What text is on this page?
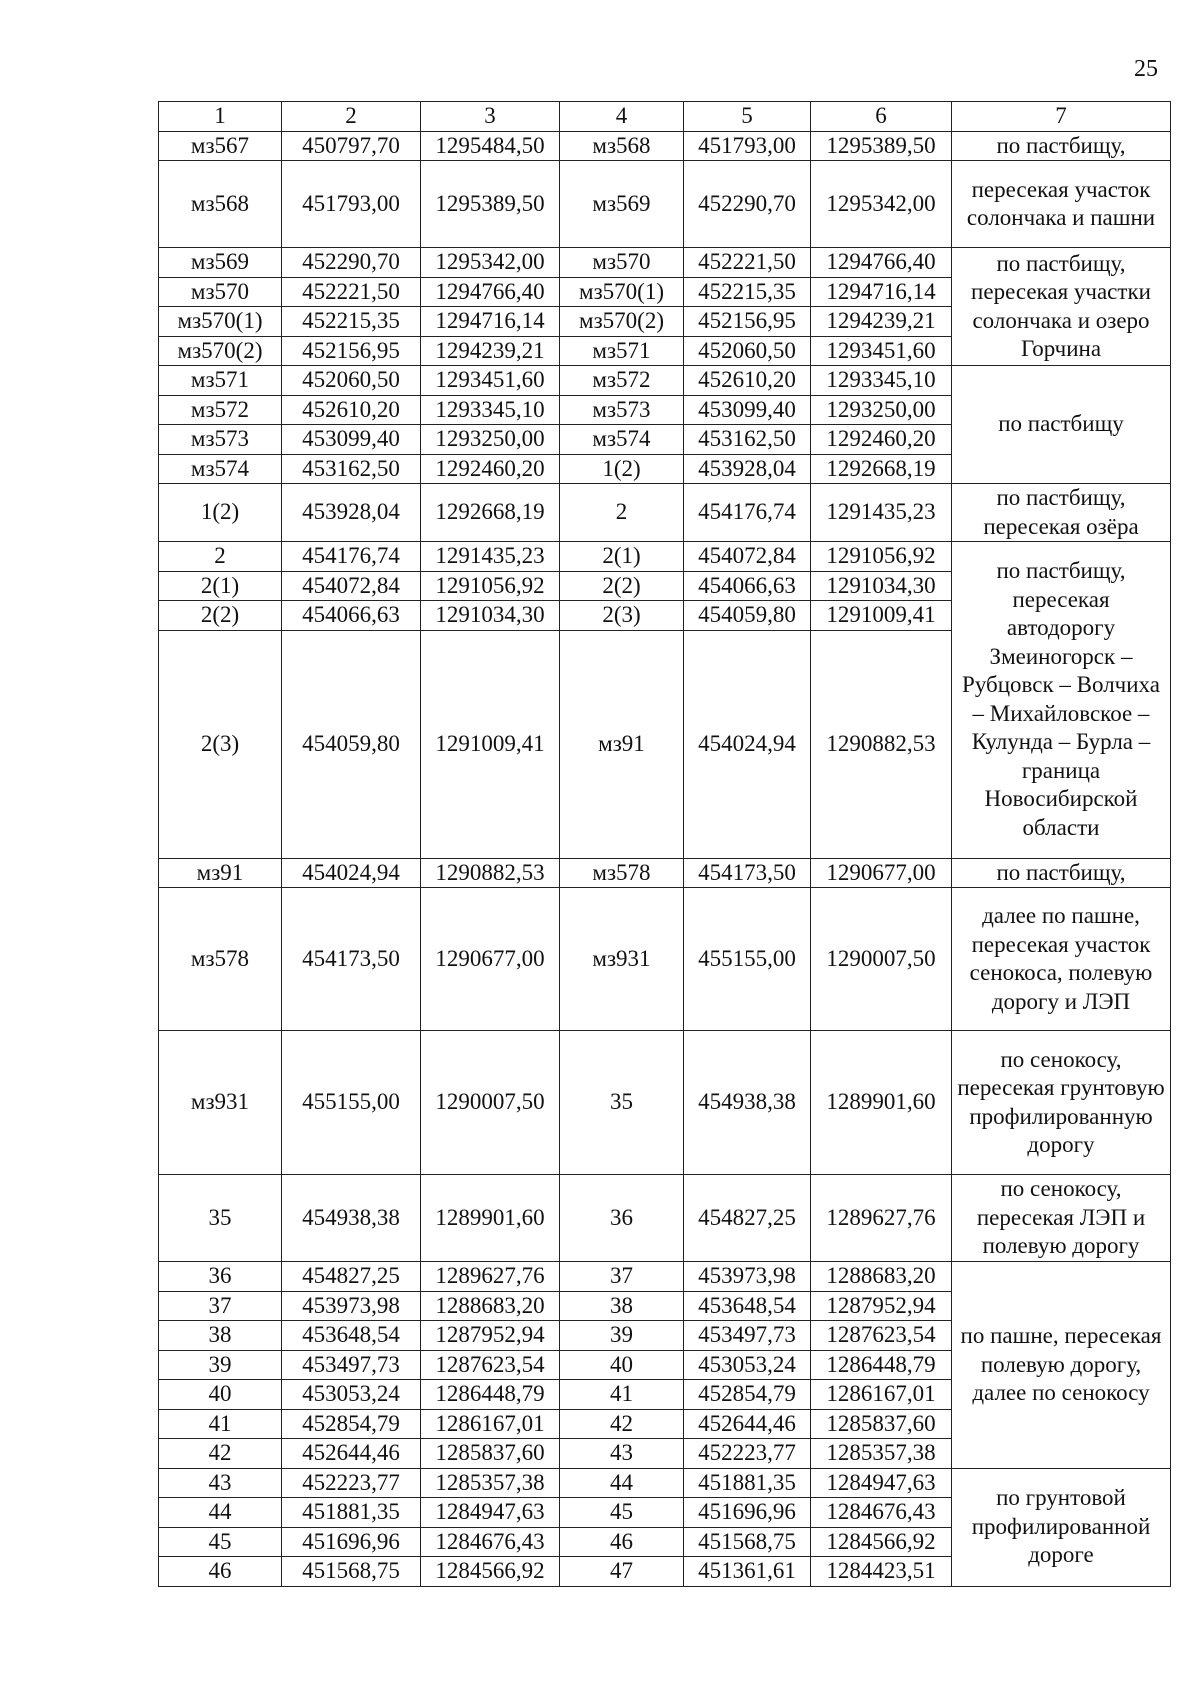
25
1	2	3	4	5	6	7
мз567	450797,70	1295484,50	мз568	451793,00	1295389,50	по пастбищу,
мз568	451793,00	1295389,50	мз569	452290,70	1295342,00	пересекая участок солончака и пашни
мз569	452290,70	1295342,00	мз570	452221,50	1294766,40	по пастбищу, пересекая участки солончака и озеро Горчина
мз570	452221,50	1294766,40	мз570(1)	452215,35	1294716,14	
мз570(1)	452215,35	1294716,14	мз570(2)	452156,95	1294239,21	
мз570(2)	452156,95	1294239,21	мз571	452060,50	1293451,60	
мз571	452060,50	1293451,60	мз572	452610,20	1293345,10	по пастбищу
мз572	452610,20	1293345,10	мз573	453099,40	1293250,00	
мз573	453099,40	1293250,00	мз574	453162,50	1292460,20	
мз574	453162,50	1292460,20	1(2)	453928,04	1292668,19	
1(2)	453928,04	1292668,19	2	454176,74	1291435,23	по пастбищу, пересекая озёра
2	454176,74	1291435,23	2(1)	454072,84	1291056,92	по пастбищу, пересекая автодорогу Змеиногорск – Рубцовск – Волчиха – Михайловское – Кулунда – Бурла – граница Новосибирской области
2(1)	454072,84	1291056,92	2(2)	454066,63	1291034,30	
2(2)	454066,63	1291034,30	2(3)	454059,80	1291009,41	
2(3)	454059,80	1291009,41	мз91	454024,94	1290882,53	
мз91	454024,94	1290882,53	мз578	454173,50	1290677,00	по пастбищу,
мз578	454173,50	1290677,00	мз931	455155,00	1290007,50	далее по пашне, пересекая участок сенокоса, полевую дорогу и ЛЭП
мз931	455155,00	1290007,50	35	454938,38	1289901,60	по сенокосу, пересекая грунтовую профилированную дорогу
35	454938,38	1289901,60	36	454827,25	1289627,76	по сенокосу, пересекая ЛЭП и полевую дорогу
36	454827,25	1289627,76	37	453973,98	1288683,20	по пашне, пересекая полевую дорогу, далее по сенокосу
37	453973,98	1288683,20	38	453648,54	1287952,94	
38	453648,54	1287952,94	39	453497,73	1287623,54	
39	453497,73	1287623,54	40	453053,24	1286448,79	
40	453053,24	1286448,79	41	452854,79	1286167,01	
41	452854,79	1286167,01	42	452644,46	1285837,60	
42	452644,46	1285837,60	43	452223,77	1285357,38	
43	452223,77	1285357,38	44	451881,35	1284947,63	по грунтовой профилированной дороге
44	451881,35	1284947,63	45	451696,96	1284676,43	
45	451696,96	1284676,43	46	451568,75	1284566,92	
46	451568,75	1284566,92	47	451361,61	1284423,51	
